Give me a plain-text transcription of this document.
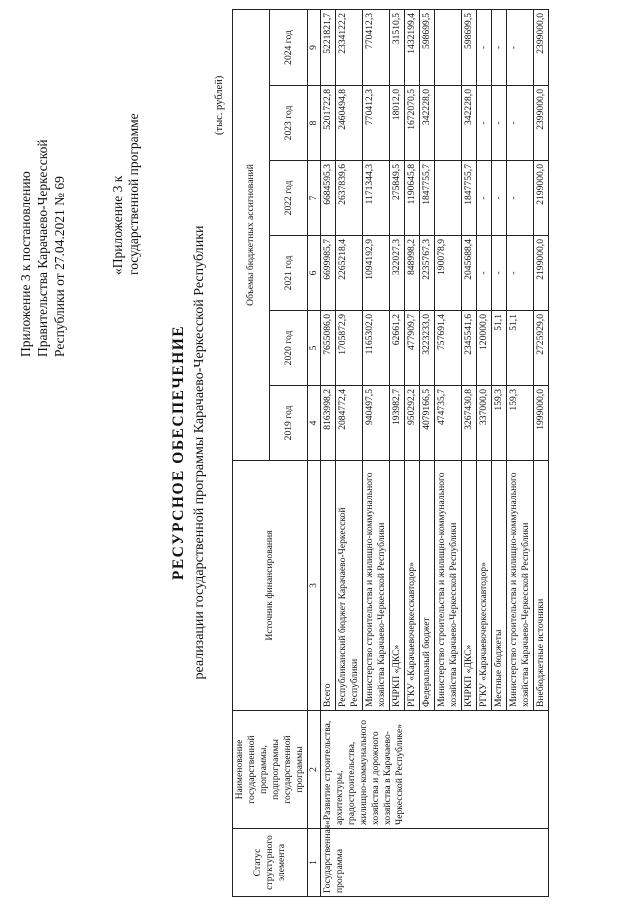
Приложение 3 к постановлению Правительства Карачаево-Черкесской Республики от 27.04.2021 № 69	«Приложение 3 к государственной программе
РЕСУРСНОЕ ОБЕСПЕЧЕНИЕ реализации государственной программы Карачаево-Черкесской Республики
(тыс. рублей)
Статус структурного элемента	Наименование государственной программы, подпрограммы государственной программы	Источник финансирования	Объемы бюджетных ассигнований					
			2019 год	2020 год	2021 год	2022 год	2023 год	2024 год
1	2	3	4	5	6	7	8	9
Государственная программа	«Развитие строительства, архитектуры, градостроительства, жилищно-коммунального хозяйства и дорожного хозяйства в Карачаево-Черкесской Республике»	Всего	8163998,2	7655086,0	6699985,7	6684595,3	5201722,8	5221821,7
		Республиканский бюджет Карачаево-Черкесской Республики	2084772,4	1705872,9	2265218,4	2637839,6	2460494,8	2334122,2
		Министерство строительства и жилищно-коммунального хозяйства Карачаево-Черкесской Республики	940497,5	1165302,0	1094192,9	1171344,3	770412,3	770412,3
		КЧРКП «ДКС»	193982,7	62661,2	322027,3	275849,5	18012,0	31510,5
		РГКУ «Карачаевочеркесскавтодор»	950292,2	477909,7	848998,2	1190645,8	1672070,5	1432199,4
		Федеральный бюджет	4079166,5	3223233,0	2235767,3	1847755,7	342228,0	598699,5
		Министерство строительства и жилищно-коммунального хозяйства Карачаево-Черкесской Республики	474735,7	757691,4	190078,9			
		КЧРКП «ДКС»	3267430,8	2345541,6	2045688,4	1847755,7	342228,0	598699,5
		РГКУ «Карачаевочеркесскавтодор»	337000,0	120000,0	-	-	-	-
		Местные бюджеты	159,3	51,1	-	-	-	-
		Министерство строительства и жилищно-коммунального хозяйства Карачаево-Черкесской Республики	159,3	51,1	-	-	-	-
		Внебюджетные источники	1999000,0	2725929,0	2199000,0	2199000,0	2399000,0	2399000,0
